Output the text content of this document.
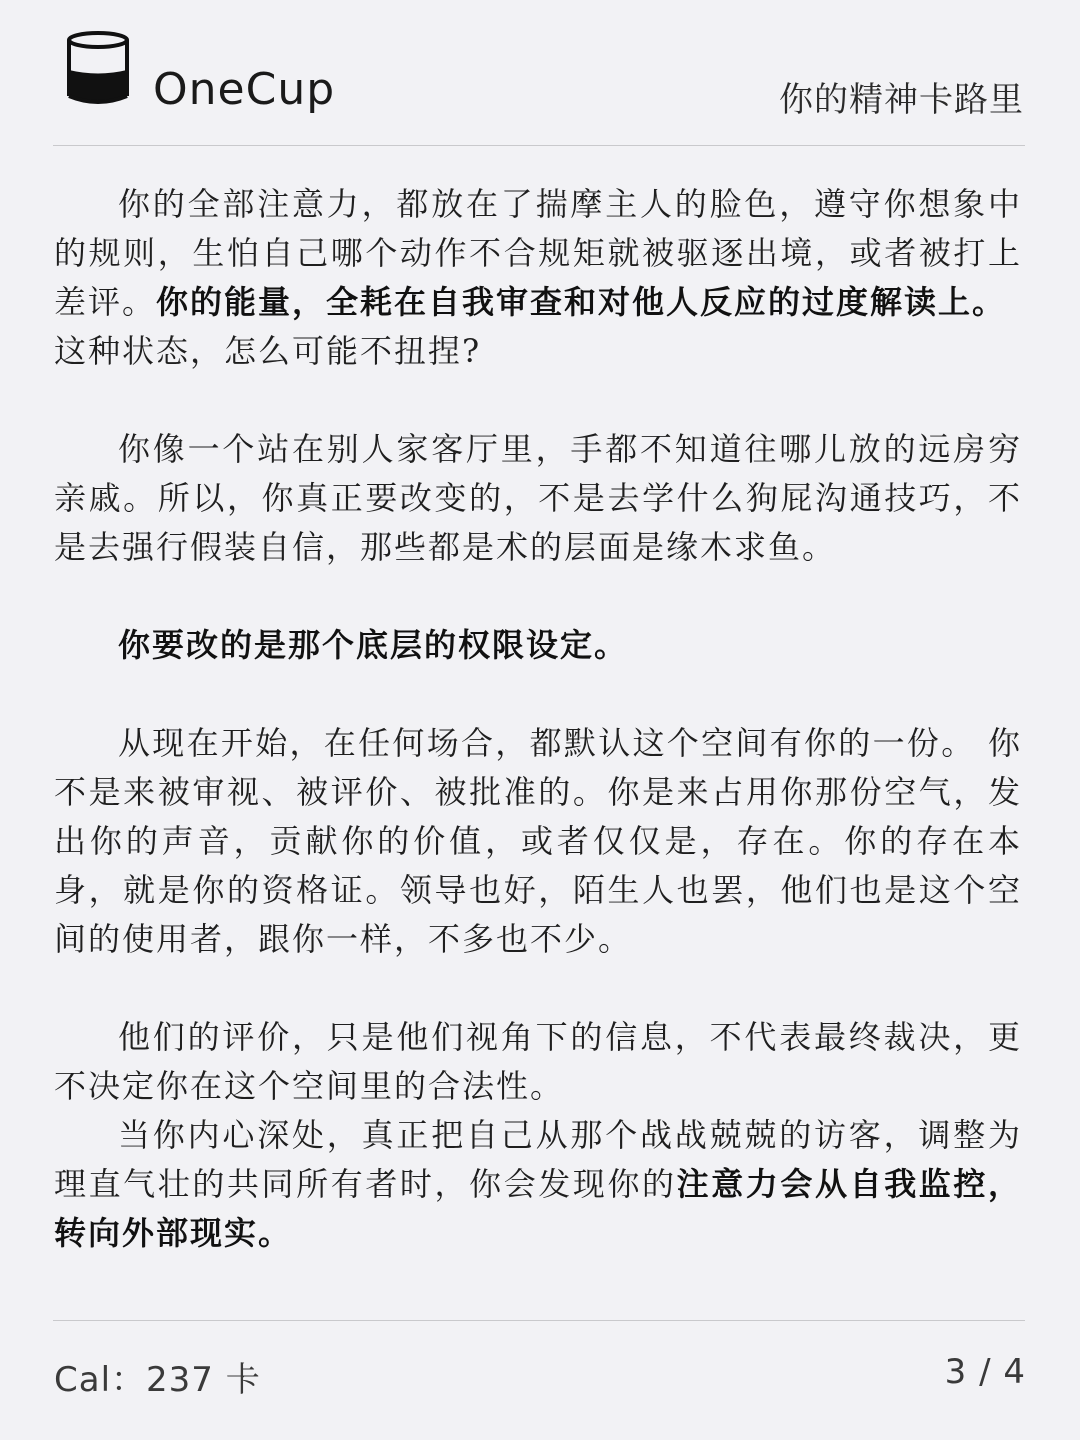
OneCup	你的精神卡路里

你的全部注意力，都放在了揣摩主人的脸色，遵守你想象中的规则，生怕自己哪个动作不合规矩就被驱逐出境，或者被打上差评。你的能量，全耗在自我审查和对他人反应的过度解读上。
这种状态，怎么可能不扭捏?

你像一个站在别人家客厅里，手都不知道往哪儿放的远房穷亲戚。所以，你真正要改变的，不是去学什么狗屁沟通技巧，不是去强行假装自信，那些都是术的层面是缘木求鱼。

你要改的是那个底层的权限设定。

从现在开始，在任何场合，都默认这个空间有你的一份。 你不是来被审视、被评价、被批准的。你是来占用你那份空气，发出你的声音，贡献你的价值，或者仅仅是，存在。你的存在本身，就是你的资格证。领导也好，陌生人也罢，他们也是这个空间的使用者，跟你一样，不多也不少。

他们的评价，只是他们视角下的信息，不代表最终裁决，更不决定你在这个空间里的合法性。

当你内心深处，真正把自己从那个战战兢兢的访客，调整为理直气壮的共同所有者时，你会发现你的注意力会从自我监控，转向外部现实。

Cal：237 卡	3 / 4
